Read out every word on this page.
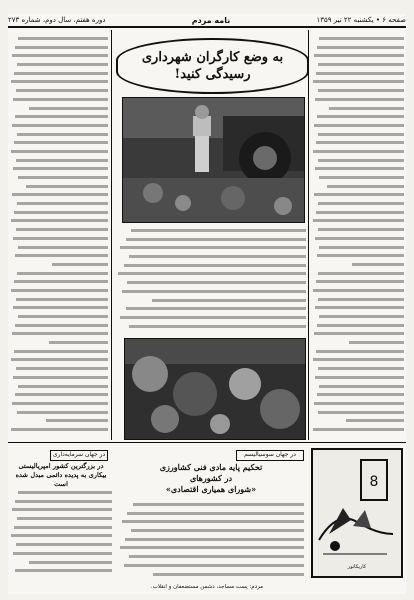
صفحه ۶ • یکشنبه ۲۲ تیر ۱۳۵۹
نامه مردم
دوره هفتم، سال دوم، شماره ۲۷۳
به وضع کارگران شهرداری
رسیدگی کنید!
در جهان سرمایه‌داری
در بزرگترین کشور امپریالیستی
بیکاری به پدیده دائمی مبدل شده است
در جهان سوسیالیسم
تحکیم پایه مادی فنی کشاورزی
در کشورهای
«شورای همیاری اقتصادی»	8
کاریکاتور
مردم: پست مساجد، دشمن مستضعفان و انقلاب.
